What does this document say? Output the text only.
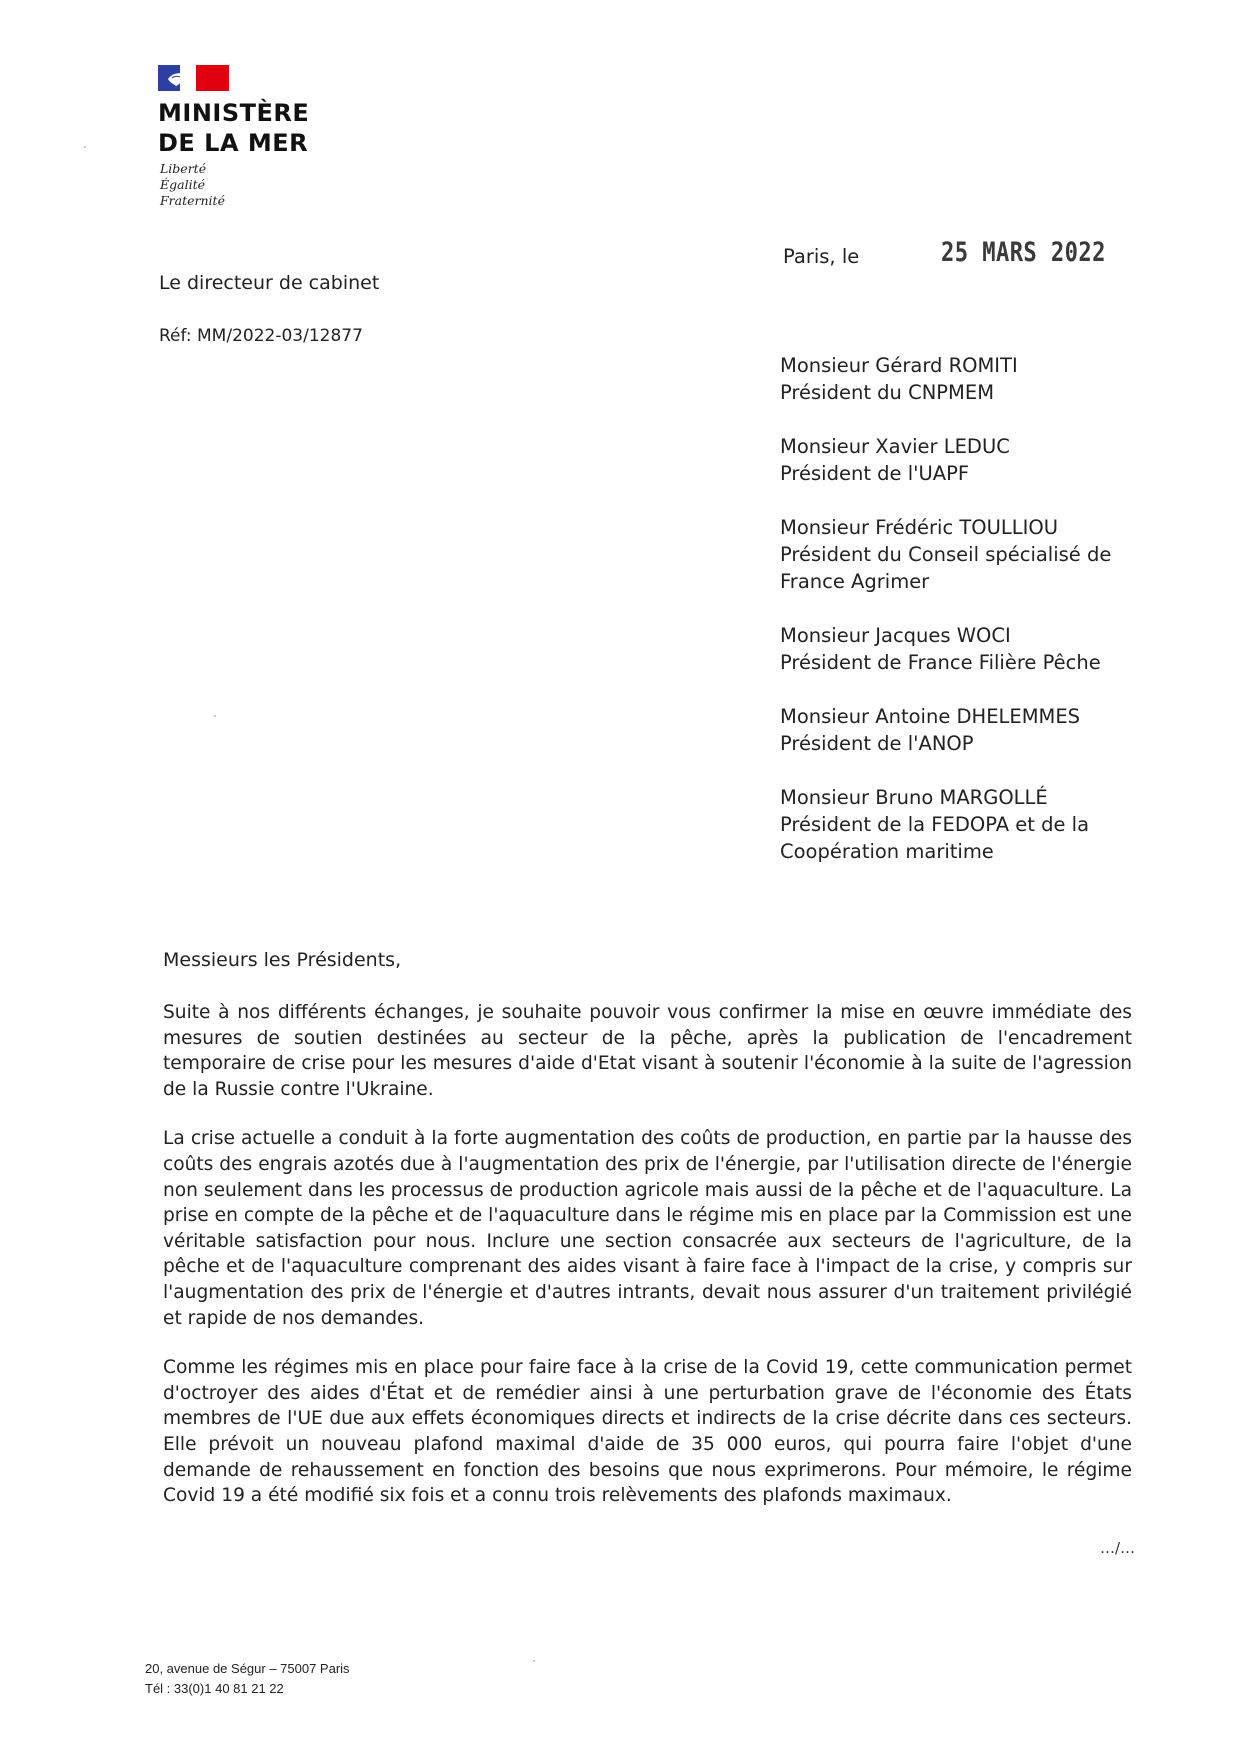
MINISTÈRE
DE LA MER
Liberté
Égalité
Fraternité
Le directeur de cabinet
Réf: MM/2022-03/12877
Paris, le	25 MARS 2022
Monsieur Gérard ROMITI
Président du CNPMEM
Monsieur Xavier LEDUC
Président de l'UAPF
Monsieur Frédéric TOULLIOU
Président du Conseil spécialisé de
France Agrimer
Monsieur Jacques WOCI
Président de France Filière Pêche
Monsieur Antoine DHELEMMES
Président de l'ANOP
Monsieur Bruno MARGOLLÉ
Président de la FEDOPA et de la
Coopération maritime
Messieurs les Présidents,

Suite à nos différents échanges, je souhaite pouvoir vous confirmer la mise en œuvre immédiate des mesures de soutien destinées au secteur de la pêche, après la publication de l'encadrement temporaire de crise pour les mesures d'aide d'Etat visant à soutenir l'économie à la suite de l'agression de la Russie contre l'Ukraine.

La crise actuelle a conduit à la forte augmentation des coûts de production, en partie par la hausse des coûts des engrais azotés due à l'augmentation des prix de l'énergie, par l'utilisation directe de l'énergie non seulement dans les processus de production agricole mais aussi de la pêche et de l'aquaculture. La prise en compte de la pêche et de l'aquaculture dans le régime mis en place par la Commission est une véritable satisfaction pour nous. Inclure une section consacrée aux secteurs de l'agriculture, de la pêche et de l'aquaculture comprenant des aides visant à faire face à l'impact de la crise, y compris sur l'augmentation des prix de l'énergie et d'autres intrants, devait nous assurer d'un traitement privilégié et rapide de nos demandes.

Comme les régimes mis en place pour faire face à la crise de la Covid 19, cette communication permet d'octroyer des aides d'État et de remédier ainsi à une perturbation grave de l'économie des États membres de l'UE due aux effets économiques directs et indirects de la crise décrite dans ces secteurs. Elle prévoit un nouveau plafond maximal d'aide de 35 000 euros, qui pourra faire l'objet d'une demande de rehaussement en fonction des besoins que nous exprimerons. Pour mémoire, le régime Covid 19 a été modifié six fois et a connu trois relèvements des plafonds maximaux.

…/…
20, avenue de Ségur – 75007 Paris
Tél : 33(0)1 40 81 21 22
